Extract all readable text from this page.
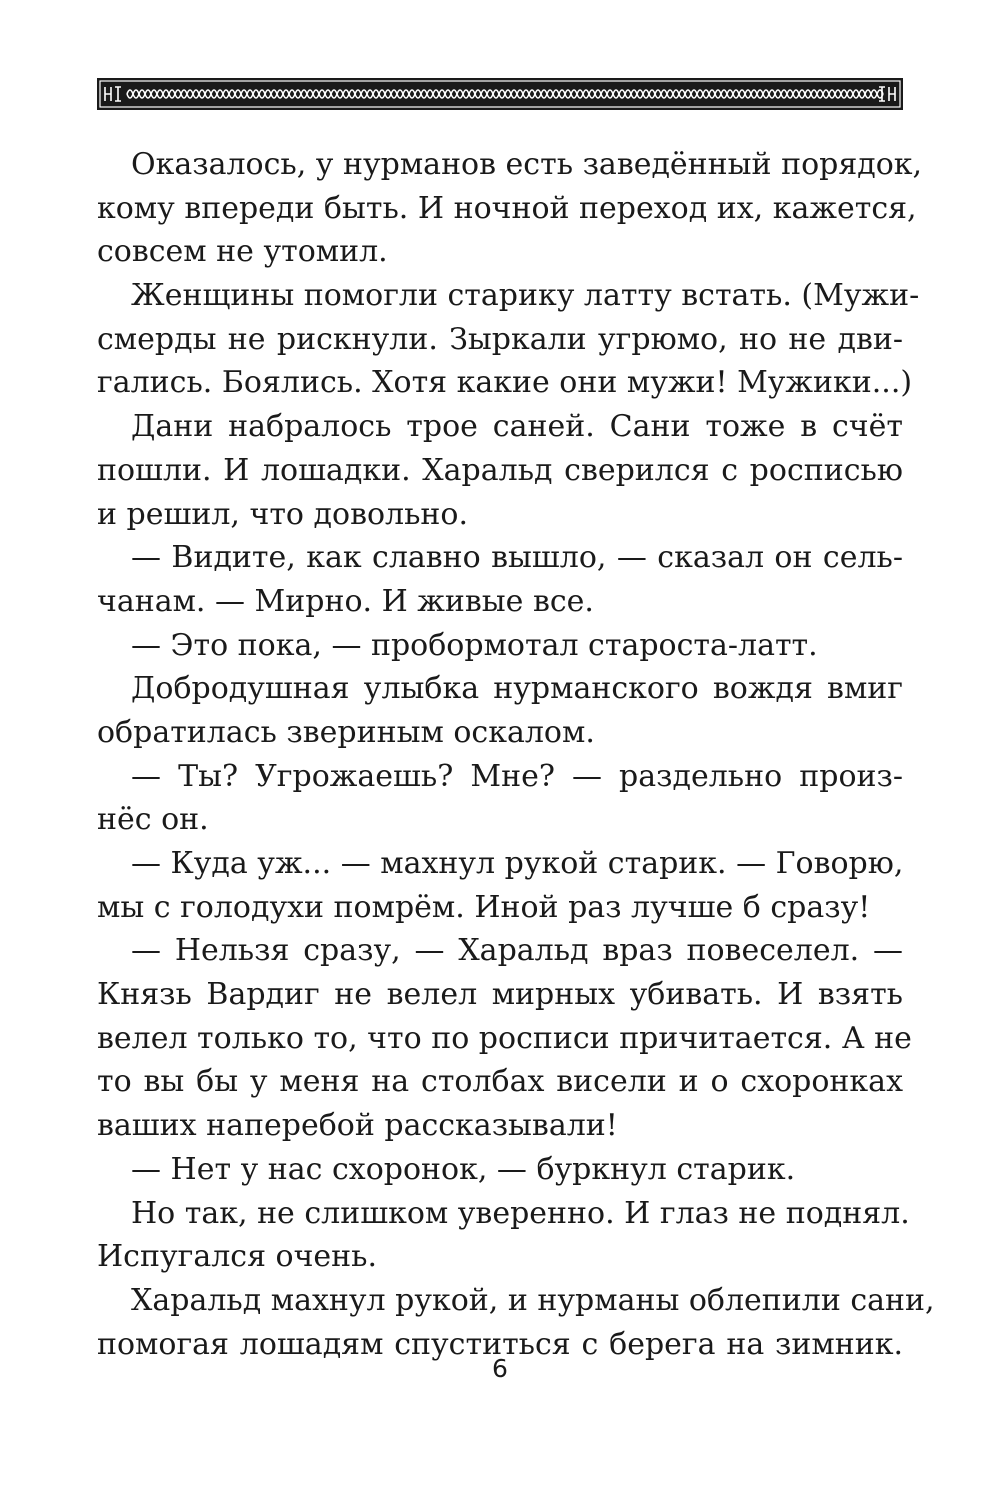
Оказалось, у нурманов есть заведённый порядок,
кому впереди быть. И ночной переход их, кажется,
совсем не утомил.
Женщины помогли старику латту встать. (Мужи-
смерды не рискнули. Зыркали угрюмо, но не дви-
гались. Боялись. Хотя какие они мужи! Мужики...)
Дани набралось трое саней. Сани тоже в счёт
пошли. И лошадки. Харальд сверился с росписью
и решил, что довольно.
— Видите, как славно вышло, — сказал он сель-
чанам. — Мирно. И живые все.
— Это пока, — пробормотал староста-латт.
Добродушная улыбка нурманского вождя вмиг
обратилась звериным оскалом.
— Ты? Угрожаешь? Мне? — раздельно произ-
нёс он.
— Куда уж... — махнул рукой старик. — Говорю,
мы с голодухи помрём. Иной раз лучше б сразу!
— Нельзя сразу, — Харальд враз повеселел. —
Князь Вардиг не велел мирных убивать. И взять
велел только то, что по росписи причитается. А не
то вы бы у меня на столбах висели и о схоронках
ваших наперебой рассказывали!
— Нет у нас схоронок, — буркнул старик.
Но так, не слишком уверенно. И глаз не поднял.
Испугался очень.
Харальд махнул рукой, и нурманы облепили сани,
помогая лошадям спуститься с берега на зимник.
6
